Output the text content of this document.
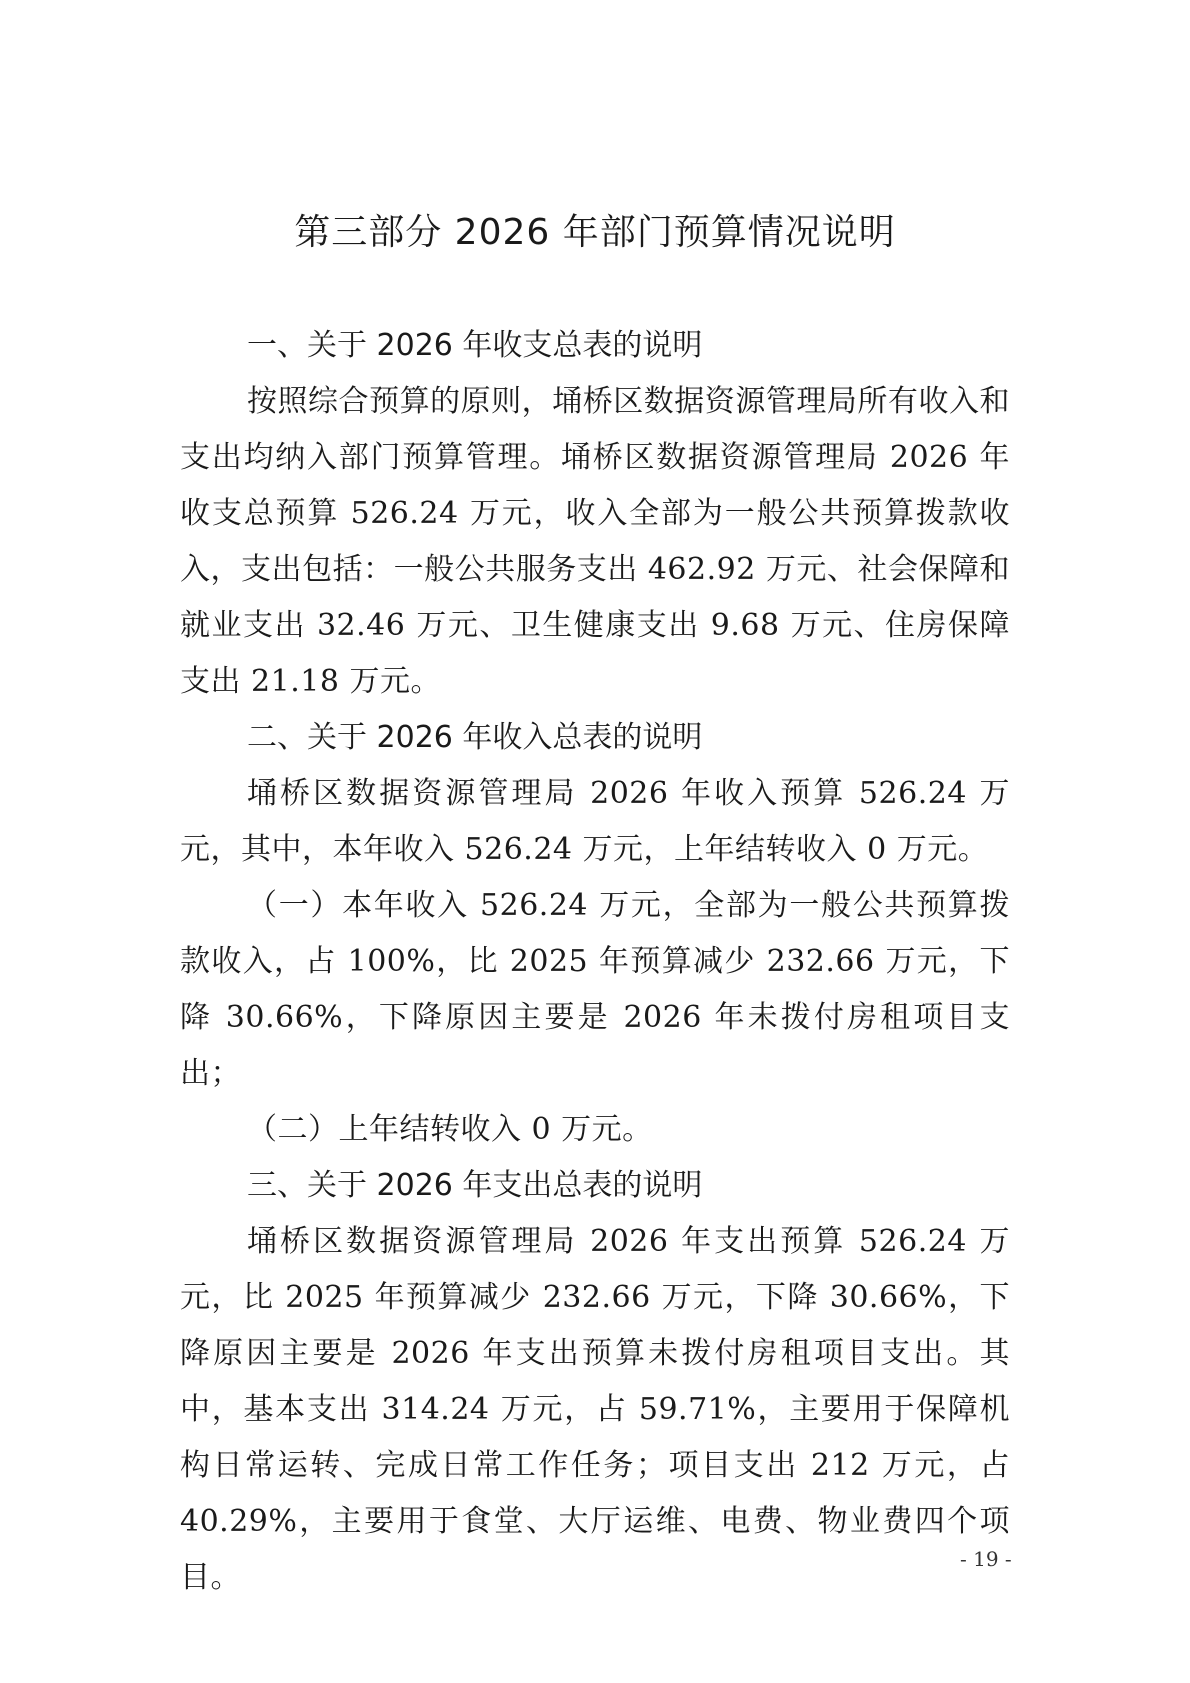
第三部分 2026 年部门预算情况说明
一、关于 2026 年收支总表的说明

按照综合预算的原则，埇桥区数据资源管理局所有收入和支出均纳入部门预算管理。埇桥区数据资源管理局 2026 年收支总预算 526.24 万元，收入全部为一般公共预算拨款收入，支出包括：一般公共服务支出 462.92 万元、社会保障和就业支出 32.46 万元、卫生健康支出 9.68 万元、住房保障支出 21.18 万元。

二、关于 2026 年收入总表的说明

埇桥区数据资源管理局 2026 年收入预算 526.24 万元，其中，本年收入 526.24 万元，上年结转收入 0 万元。

（一）本年收入 526.24 万元，全部为一般公共预算拨款收入，占 100%，比 2025 年预算减少 232.66 万元，下降 30.66%，下降原因主要是 2026 年未拨付房租项目支出；

（二）上年结转收入 0 万元。

三、关于 2026 年支出总表的说明

埇桥区数据资源管理局 2026 年支出预算 526.24 万元，比 2025 年预算减少 232.66 万元，下降 30.66%，下降原因主要是 2026 年支出预算未拨付房租项目支出。其中，基本支出 314.24 万元，占 59.71%，主要用于保障机构日常运转、完成日常工作任务；项目支出 212 万元，占 40.29%，主要用于食堂、大厅运维、电费、物业费四个项目。

- 19 -
